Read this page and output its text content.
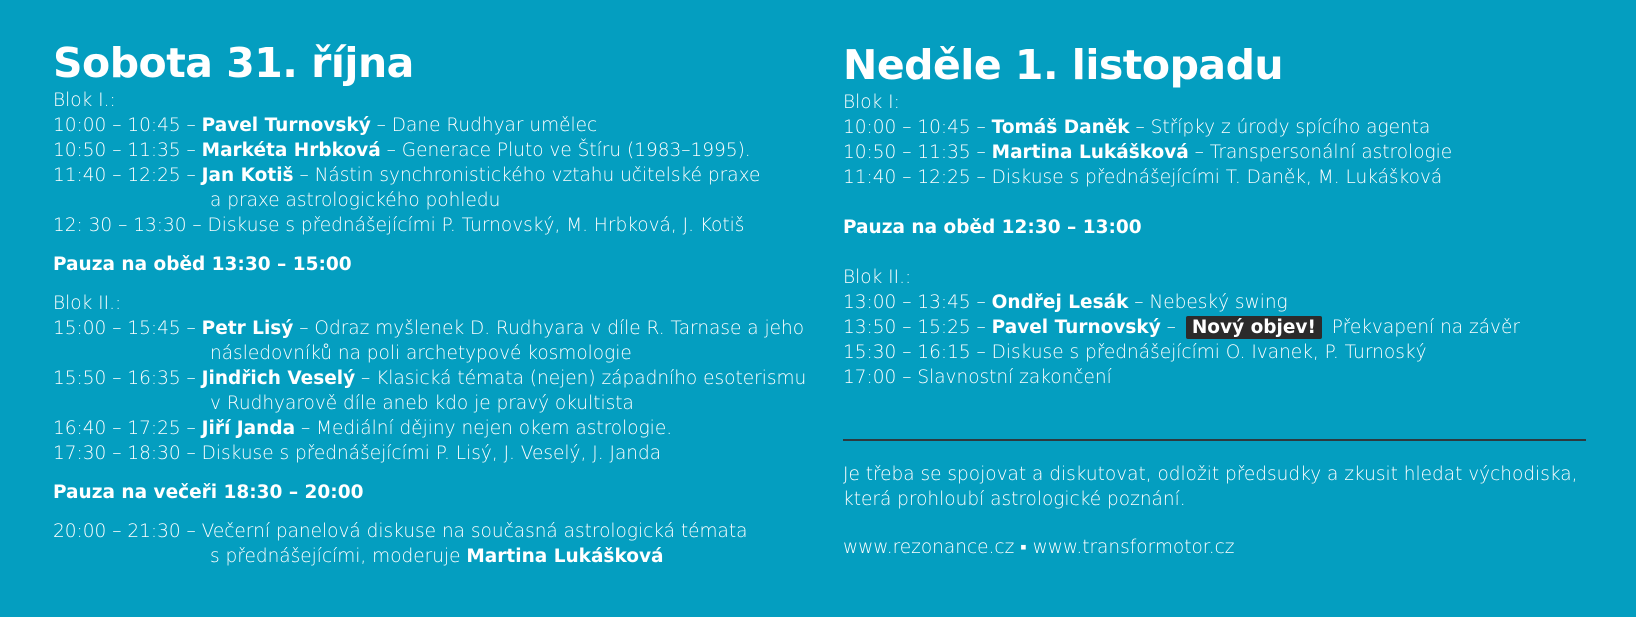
Sobota 31. října
Blok I.:
10:00 – 10:45 – Pavel Turnovský – Dane Rudhyar umělec
10:50 – 11:35 – Markéta Hrbková – Generace Pluto ve Štíru (1983–1995).
11:40 – 12:25 – Jan Kotiš – Nástin synchronistického vztahu učitelské praxe
a praxe astrologického pohledu
12: 30 – 13:30 – Diskuse s přednášejícími P. Turnovský, M. Hrbková, J. Kotiš
Pauza na oběd 13:30 – 15:00
Blok II.:
15:00 – 15:45 – Petr Lisý – Odraz myšlenek D. Rudhyara v díle R. Tarnase a jeho
následovníků na poli archetypové kosmologie
15:50 – 16:35 – Jindřich Veselý – Klasická témata (nejen) západního esoterismu
v Rudhyarově díle aneb kdo je pravý okultista
16:40 – 17:25 – Jiří Janda – Mediální dějiny nejen okem astrologie.
17:30 – 18:30 – Diskuse s přednášejícími P. Lisý, J. Veselý, J. Janda
Pauza na večeři 18:30 – 20:00
20:00 – 21:30 – Večerní panelová diskuse na současná astrologická témata
s přednášejícími, moderuje Martina Lukášková
Neděle 1. listopadu
Blok I:
10:00 – 10:45 – Tomáš Daněk – Střípky z úrody spícího agenta
10:50 – 11:35 – Martina Lukášková – Transpersonální astrologie
11:40 – 12:25 – Diskuse s přednášejícími T. Daněk, M. Lukášková
Pauza na oběd 12:30 – 13:00
Blok II.:
13:00 – 13:45 – Ondřej Lesák – Nebeský swing
13:50 – 15:25 – Pavel Turnovský – Nový objev! Překvapení na závěr
15:30 – 16:15 – Diskuse s přednášejícími O. Ivanek, P. Turnoský
17:00 – Slavnostní zakončení
Je třeba se spojovat a diskutovat, odložit předsudky a zkusit hledat východiska, která prohloubí astrologické poznání.
www.rezonance.cz ▪ www.transformotor.cz
